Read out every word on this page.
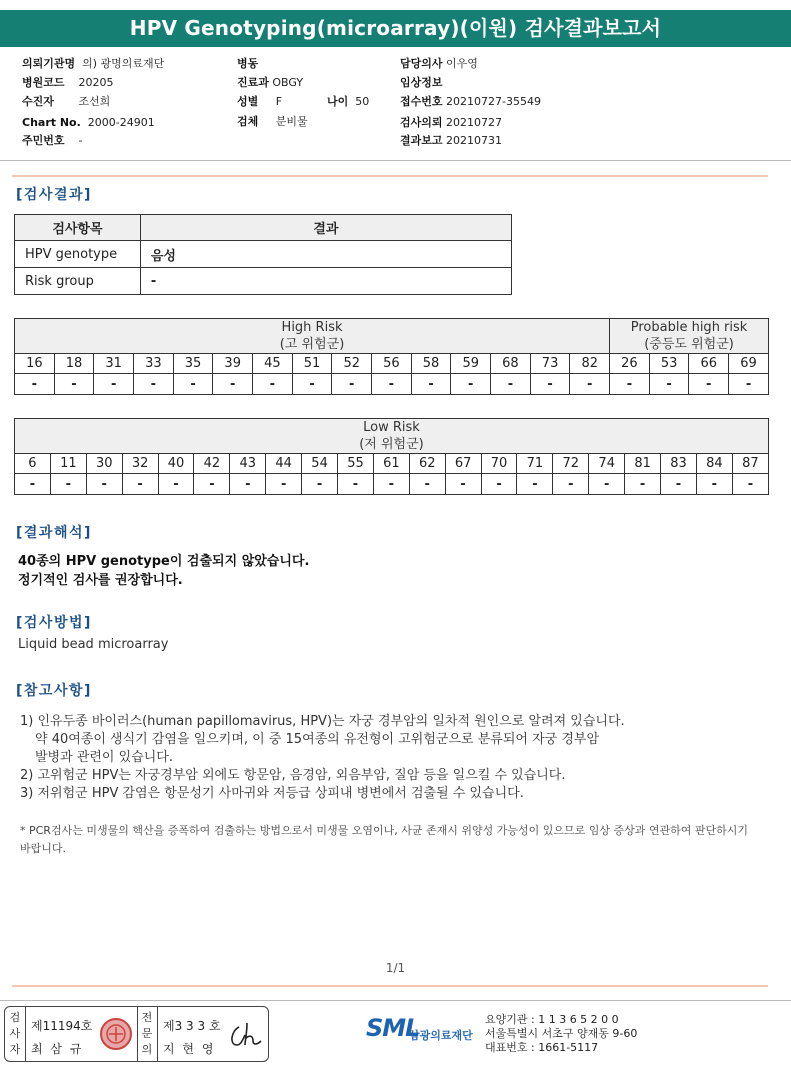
HPV Genotyping(microarray)(이원) 검사결과보고서
의뢰기관명 의) 광명의료재단
병원코드 20205
수진자 조선희
Chart No. 2000-24901
주민번호 -
병동
진료과 OBGY
성별 F	나이 50
검체 분비물
담당의사 이우영
임상정보
접수번호 20210727-35549
검사의뢰 20210727
결과보고 20210731
[검사결과]
검사항목	결과
HPV genotype	음성
Risk group	-
High Risk
(고 위험군)															Probable high risk
(중등도 위험군)			
16	18	31	33	35	39	45	51	52	56	58	59	68	73	82	26	53	66	69
-	-	-	-	-	-	-	-	-	-	-	-	-	-	-	-	-	-	-
Low Risk
(저 위험군)																				
6	11	30	32	40	42	43	44	54	55	61	62	67	70	71	72	74	81	83	84	87
-	-	-	-	-	-	-	-	-	-	-	-	-	-	-	-	-	-	-	-	-
[결과해석]
40종의 HPV genotype이 검출되지 않았습니다.
정기적인 검사를 권장합니다.
[검사방법]
Liquid bead microarray
[참고사항]
1) 인유두종 바이러스(human papillomavirus, HPV)는 자궁 경부암의 일차적 원인으로 알려져 있습니다.
약 40여종이 생식기 감염을 일으키며, 이 중 15여종의 유전형이 고위험군으로 분류되어 자궁 경부암
발병과 관련이 있습니다.
2) 고위험군 HPV는 자궁경부암 외에도 항문암, 음경암, 외음부암, 질암 등을 일으킬 수 있습니다.
3) 저위험군 HPV 감염은 항문성기 사마귀와 저등급 상피내 병변에서 검출될 수 있습니다.
* PCR검사는 미생물의 핵산을 증폭하여 검출하는 방법으로서 미생물 오염이나, 사균 존재시 위양성 가능성이 있으므로 임상 증상과 연관하여 판단하시기 바랍니다.
1/1
검사자
제11194호
최 삼 규
전문의
제3 3 3 호
지 현 영
SML
삼광의료재단
요양기관 : 1 1 3 6 5 2 0 0
서울특별시 서초구 양재동 9-60
대표번호 : 1661-5117
